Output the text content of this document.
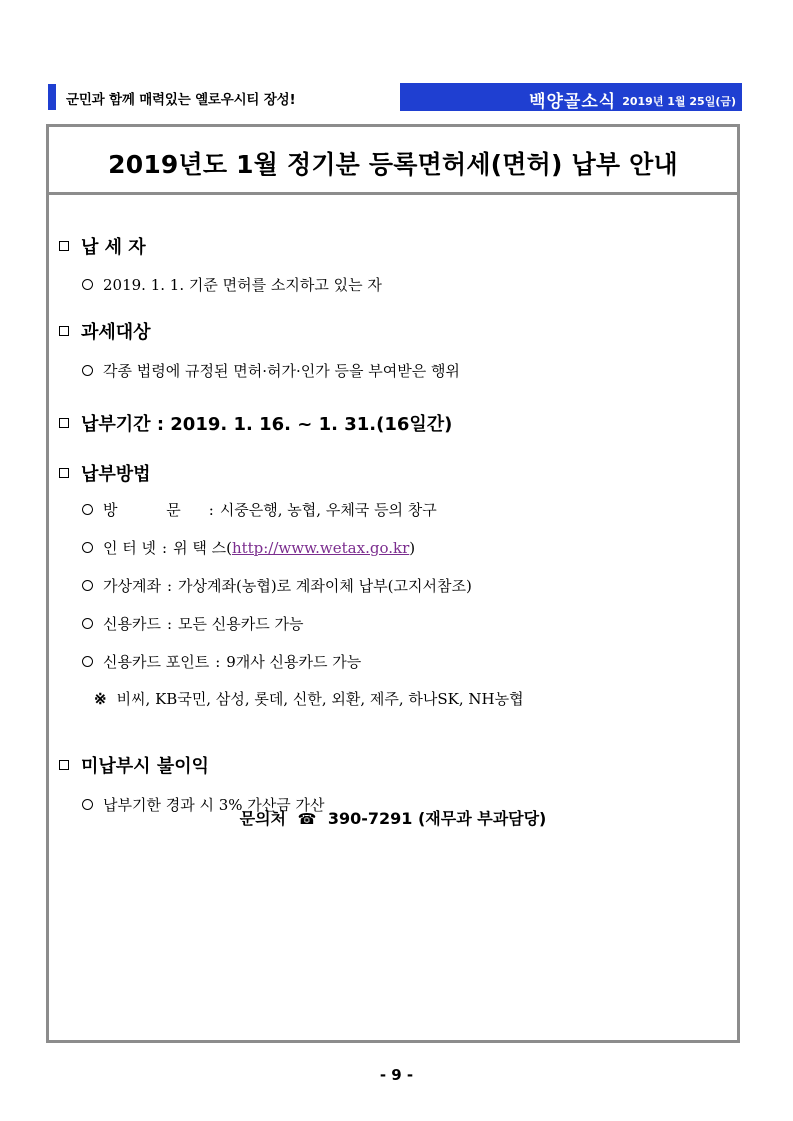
군민과 함께 매력있는 옐로우시티 장성!	백양골소식 2019년 1월 25일(금)
2019년도 1월 정기분 등록면허세(면허) 납부 안내
납 세 자
2019. 1. 1. 기준 면허를 소지하고 있는 자
과세대상
각종 법령에 규정된 면허·허가·인가 등을 부여받은 행위
납부기간 : 2019. 1. 16. ~ 1. 31.(16일간)
납부방법
방 문 : 시중은행, 농협, 우체국 등의 창구
인 터 넷 : 위 택 스( http://www.wetax.go.kr )
가상계좌 : 가상계좌(농협)로 계좌이체 납부(고지서참조)
신용카드 : 모든 신용카드 가능
신용카드 포인트 : 9개사 신용카드 가능
※ 비씨, KB국민, 삼성, 롯데, 신한, 외환, 제주, 하나SK, NH농협
미납부시 불이익
납부기한 경과 시 3% 가산금 가산
문의처 ☎ 390-7291 (재무과 부과담당)
- 9 -
